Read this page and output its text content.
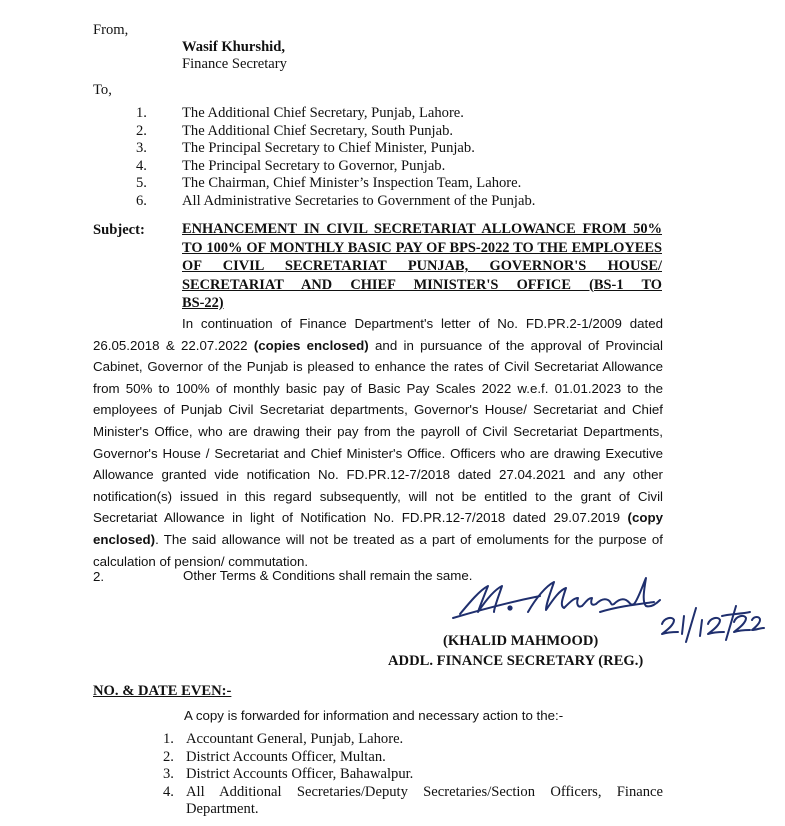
From,
Wasif Khurshid,
Finance Secretary
To,
1.	The Additional Chief Secretary, Punjab, Lahore.
2.	The Additional Chief Secretary, South Punjab.
3.	The Principal Secretary to Chief Minister, Punjab.
4.	The Principal Secretary to Governor, Punjab.
5.	The Chairman, Chief Minister’s Inspection Team, Lahore.
6.	All Administrative Secretaries to Government of the Punjab.
Subject:	ENHANCEMENT IN CIVIL SECRETARIAT ALLOWANCE FROM 50% TO 100% OF MONTHLY BASIC PAY OF BPS-2022 TO THE EMPLOYEES OF CIVIL SECRETARIAT PUNJAB, GOVERNOR'S HOUSE/ SECRETARIAT AND CHIEF MINISTER'S OFFICE (BS-1 TO
BS-22)
In continuation of Finance Department's letter of No. FD.PR.2-1/2009 dated 26.05.2018 & 22.07.2022 (copies enclosed) and in pursuance of the approval of Provincial Cabinet, Governor of the Punjab is pleased to enhance the rates of Civil Secretariat Allowance from 50% to 100% of monthly basic pay of Basic Pay Scales 2022 w.e.f. 01.01.2023 to the employees of Punjab Civil Secretariat departments, Governor's House/ Secretariat and Chief Minister's Office, who are drawing their pay from the payroll of Civil Secretariat Departments, Governor's House / Secretariat and Chief Minister's Office. Officers who are drawing Executive Allowance granted vide notification No. FD.PR.12-7/2018 dated 27.04.2021 and any other notification(s) issued in this regard subsequently, will not be entitled to the grant of Civil Secretariat Allowance in light of Notification No. FD.PR.12-7/2018 dated 29.07.2019 (copy enclosed). The said allowance will not be treated as a part of emoluments for the purpose of calculation of pension/ commutation.
2.	Other Terms & Conditions shall remain the same.
(KHALID MAHMOOD)
ADDL. FINANCE SECRETARY (REG.)
NO. & DATE EVEN:-
A copy is forwarded for information and necessary action to the:-
1. Accountant General, Punjab, Lahore.
2. District Accounts Officer, Multan.
3. District Accounts Officer, Bahawalpur.
4. All Additional Secretaries/Deputy Secretaries/Section Officers, Finance Department.
